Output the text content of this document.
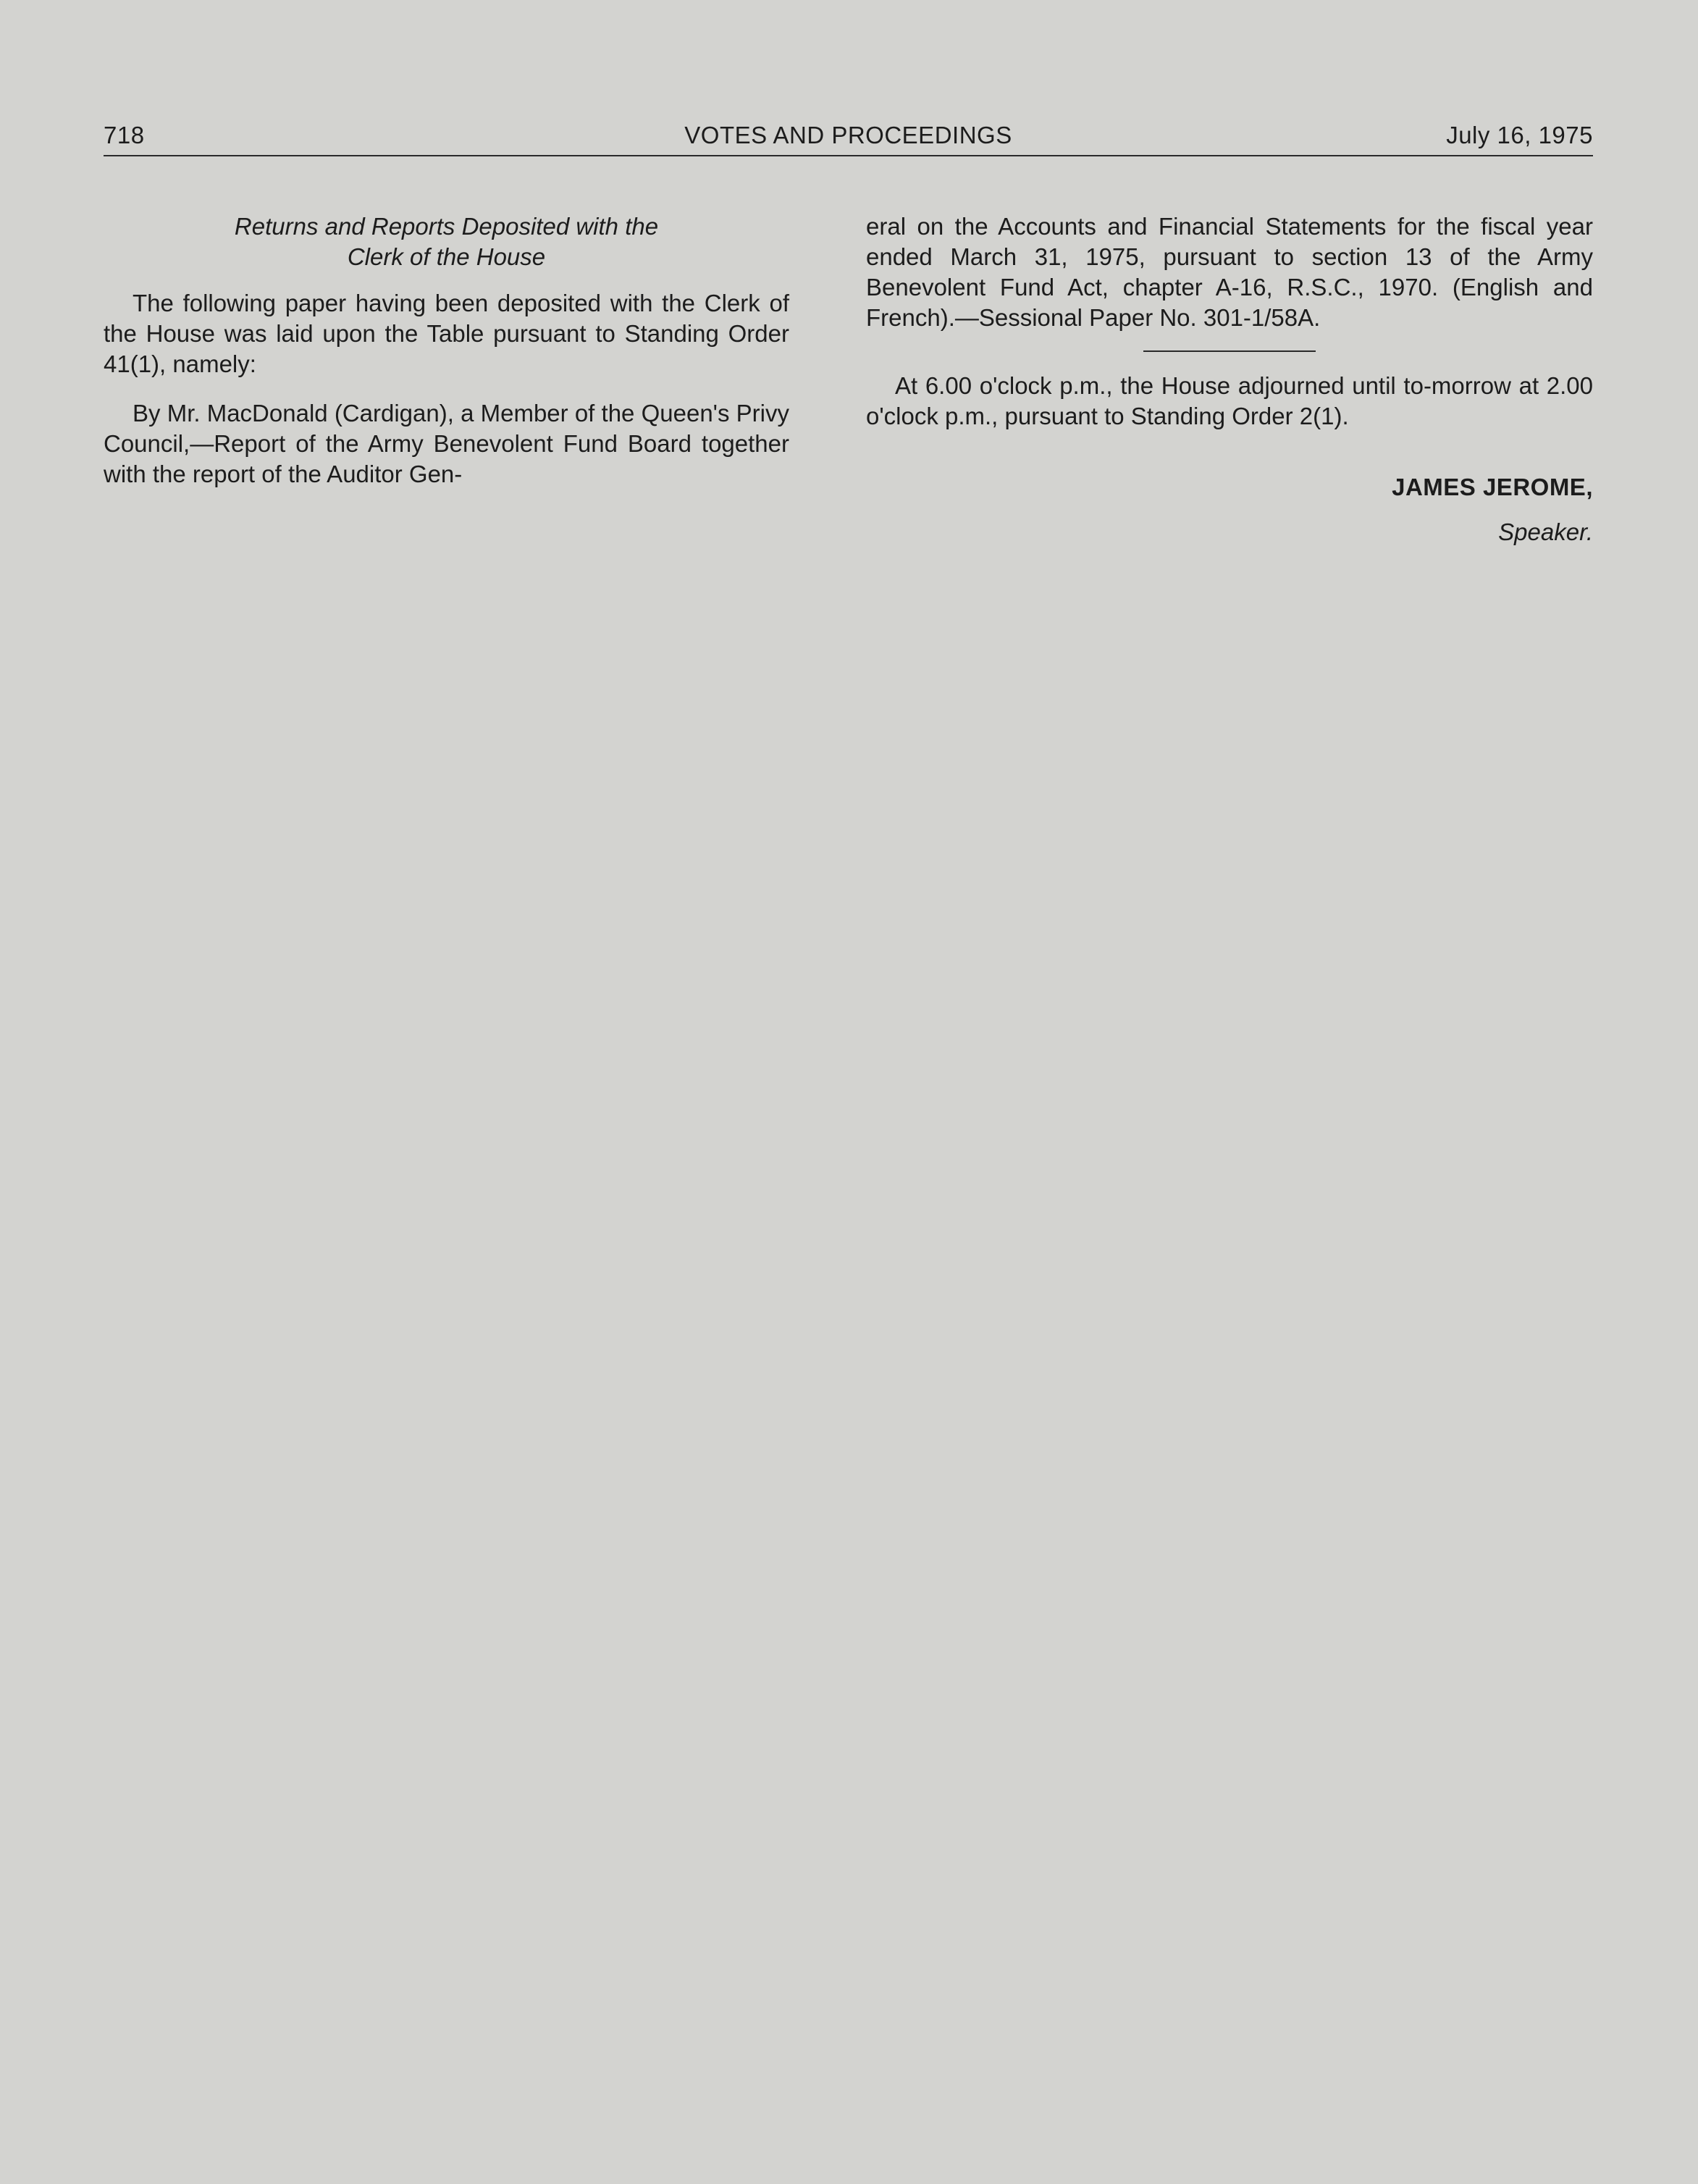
718	VOTES AND PROCEEDINGS	July 16, 1975
Returns and Reports Deposited with the
Clerk of the House

The following paper having been deposited with the Clerk of the House was laid upon the Table pursuant to Standing Order 41(1), namely:

By Mr. MacDonald (Cardigan), a Member of the Queen's Privy Council,—Report of the Army Benevolent Fund Board together with the report of the Auditor Gen-

eral on the Accounts and Financial Statements for the fiscal year ended March 31, 1975, pursuant to section 13 of the Army Benevolent Fund Act, chapter A-16, R.S.C., 1970. (English and French).—Sessional Paper No. 301-1/58A.

At 6.00 o'clock p.m., the House adjourned until to-morrow at 2.00 o'clock p.m., pursuant to Standing Order 2(1).

JAMES JEROME,
Speaker.
